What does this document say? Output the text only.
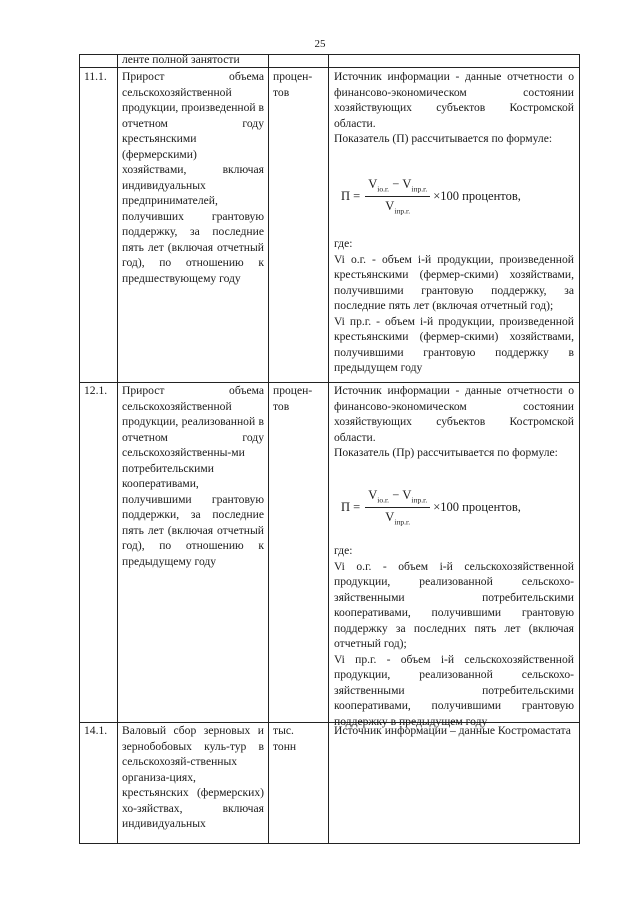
25
ленте полной занятости
11.1. Прирост объема сельскохозяйственной продукции, произведенной в отчетном году крестьянскими (фермерскими) хозяйствами, включая индивидуальных предпринимателей, получивших грантовую поддержку, за последние пять лет (включая отчетный год), по отношению к предшествующему году
процен-
тов

Источник информации - данные отчетности о финансово-экономическом состоянии хозяйствующих субъектов Костромской области.

Показатель (П) рассчитывается по формуле:

$П = \frac{V_{io.г.} - V_{iпр.г.}}{V_{iпр.г.}} \times 100$ процентов,

где:

Vi о.г. - объем i-й продукции, произведенной крестьянскими (фермер-скими) хозяйствами, получившими грантовую поддержку, за последние пять лет (включая отчетный год);

Vi пр.г. - объем i-й продукции, произведенной крестьянскими (фермер-скими) хозяйствами, получившими грантовую поддержку в предыдущем году

12.1. Прирост объема сельскохозяйственной продукции, реализованной в отчетном году сельскохозяйственны-ми потребительскими кооперативами, получившими грантовую поддержки, за последние пять лет (включая отчетный год), по отношению к предыдущему году
процен-
тов

Источник информации - данные отчетности о финансово-экономическом состоянии хозяйствующих субъектов Костромской области.

Показатель (Пр) рассчитывается по формуле:

$П = \frac{V_{io.г.} - V_{iпр.г.}}{V_{iпр.г.}} \times 100$ процентов,

где:

Vi о.г. - объем i-й сельскохозяйственной продукции, реализованной сельскохо-зяйственными потребительскими кооперативами, получившими грантовую поддержку за последних пять лет (включая отчетный год);

Vi пр.г. - объем i-й сельскохозяйственной продукции, реализованной сельскохо-зяйственными потребительскими кооперативами, получившими грантовую поддержку в предыдущем году

14.1. Валовый сбор зерновых и зернобобовых куль-тур в сельскохозяй-ственных организа-циях, крестьянских (фермерских) хо-зяйствах, включая индивидуальных
тыс.
тонн
Источник информации – данные Костромастата
